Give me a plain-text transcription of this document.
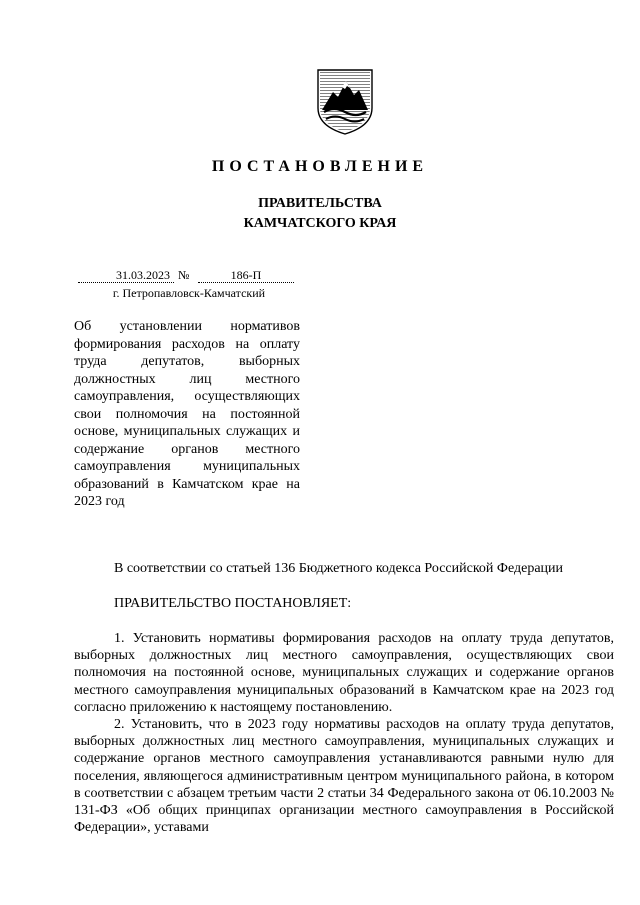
ПОСТАНОВЛЕНИЕ
ПРАВИТЕЛЬСТВА
КАМЧАТСКОГО КРАЯ
31.03.2023 №	186-П
г. Петропавловск-Камчатский
Об установлении нормативов формирования расходов на оплату труда депутатов, выборных должностных лиц местного самоуправления, осуществляющих свои полномочия на постоянной основе, муниципальных служащих и содержание органов местного самоуправления муниципальных образований в Камчатском крае на 2023 год
В соответствии со статьей 136 Бюджетного кодекса Российской Федерации
ПРАВИТЕЛЬСТВО ПОСТАНОВЛЯЕТ:

1. Установить нормативы формирования расходов на оплату труда депутатов, выборных должностных лиц местного самоуправления, осуществляющих свои полномочия на постоянной основе, муниципальных служащих и содержание органов местного самоуправления муниципальных образований в Камчатском крае на 2023 год согласно приложению к настоящему постановлению.

2. Установить, что в 2023 году нормативы расходов на оплату труда депутатов, выборных должностных лиц местного самоуправления, муниципальных служащих и содержание органов местного самоуправления устанавливаются равными нулю для поселения, являющегося административным центром муниципального района, в котором в соответствии с абзацем третьим части 2 статьи 34 Федерального закона от 06.10.2003 № 131-ФЗ «Об общих принципах организации местного самоуправления в Российской Федерации», уставами
